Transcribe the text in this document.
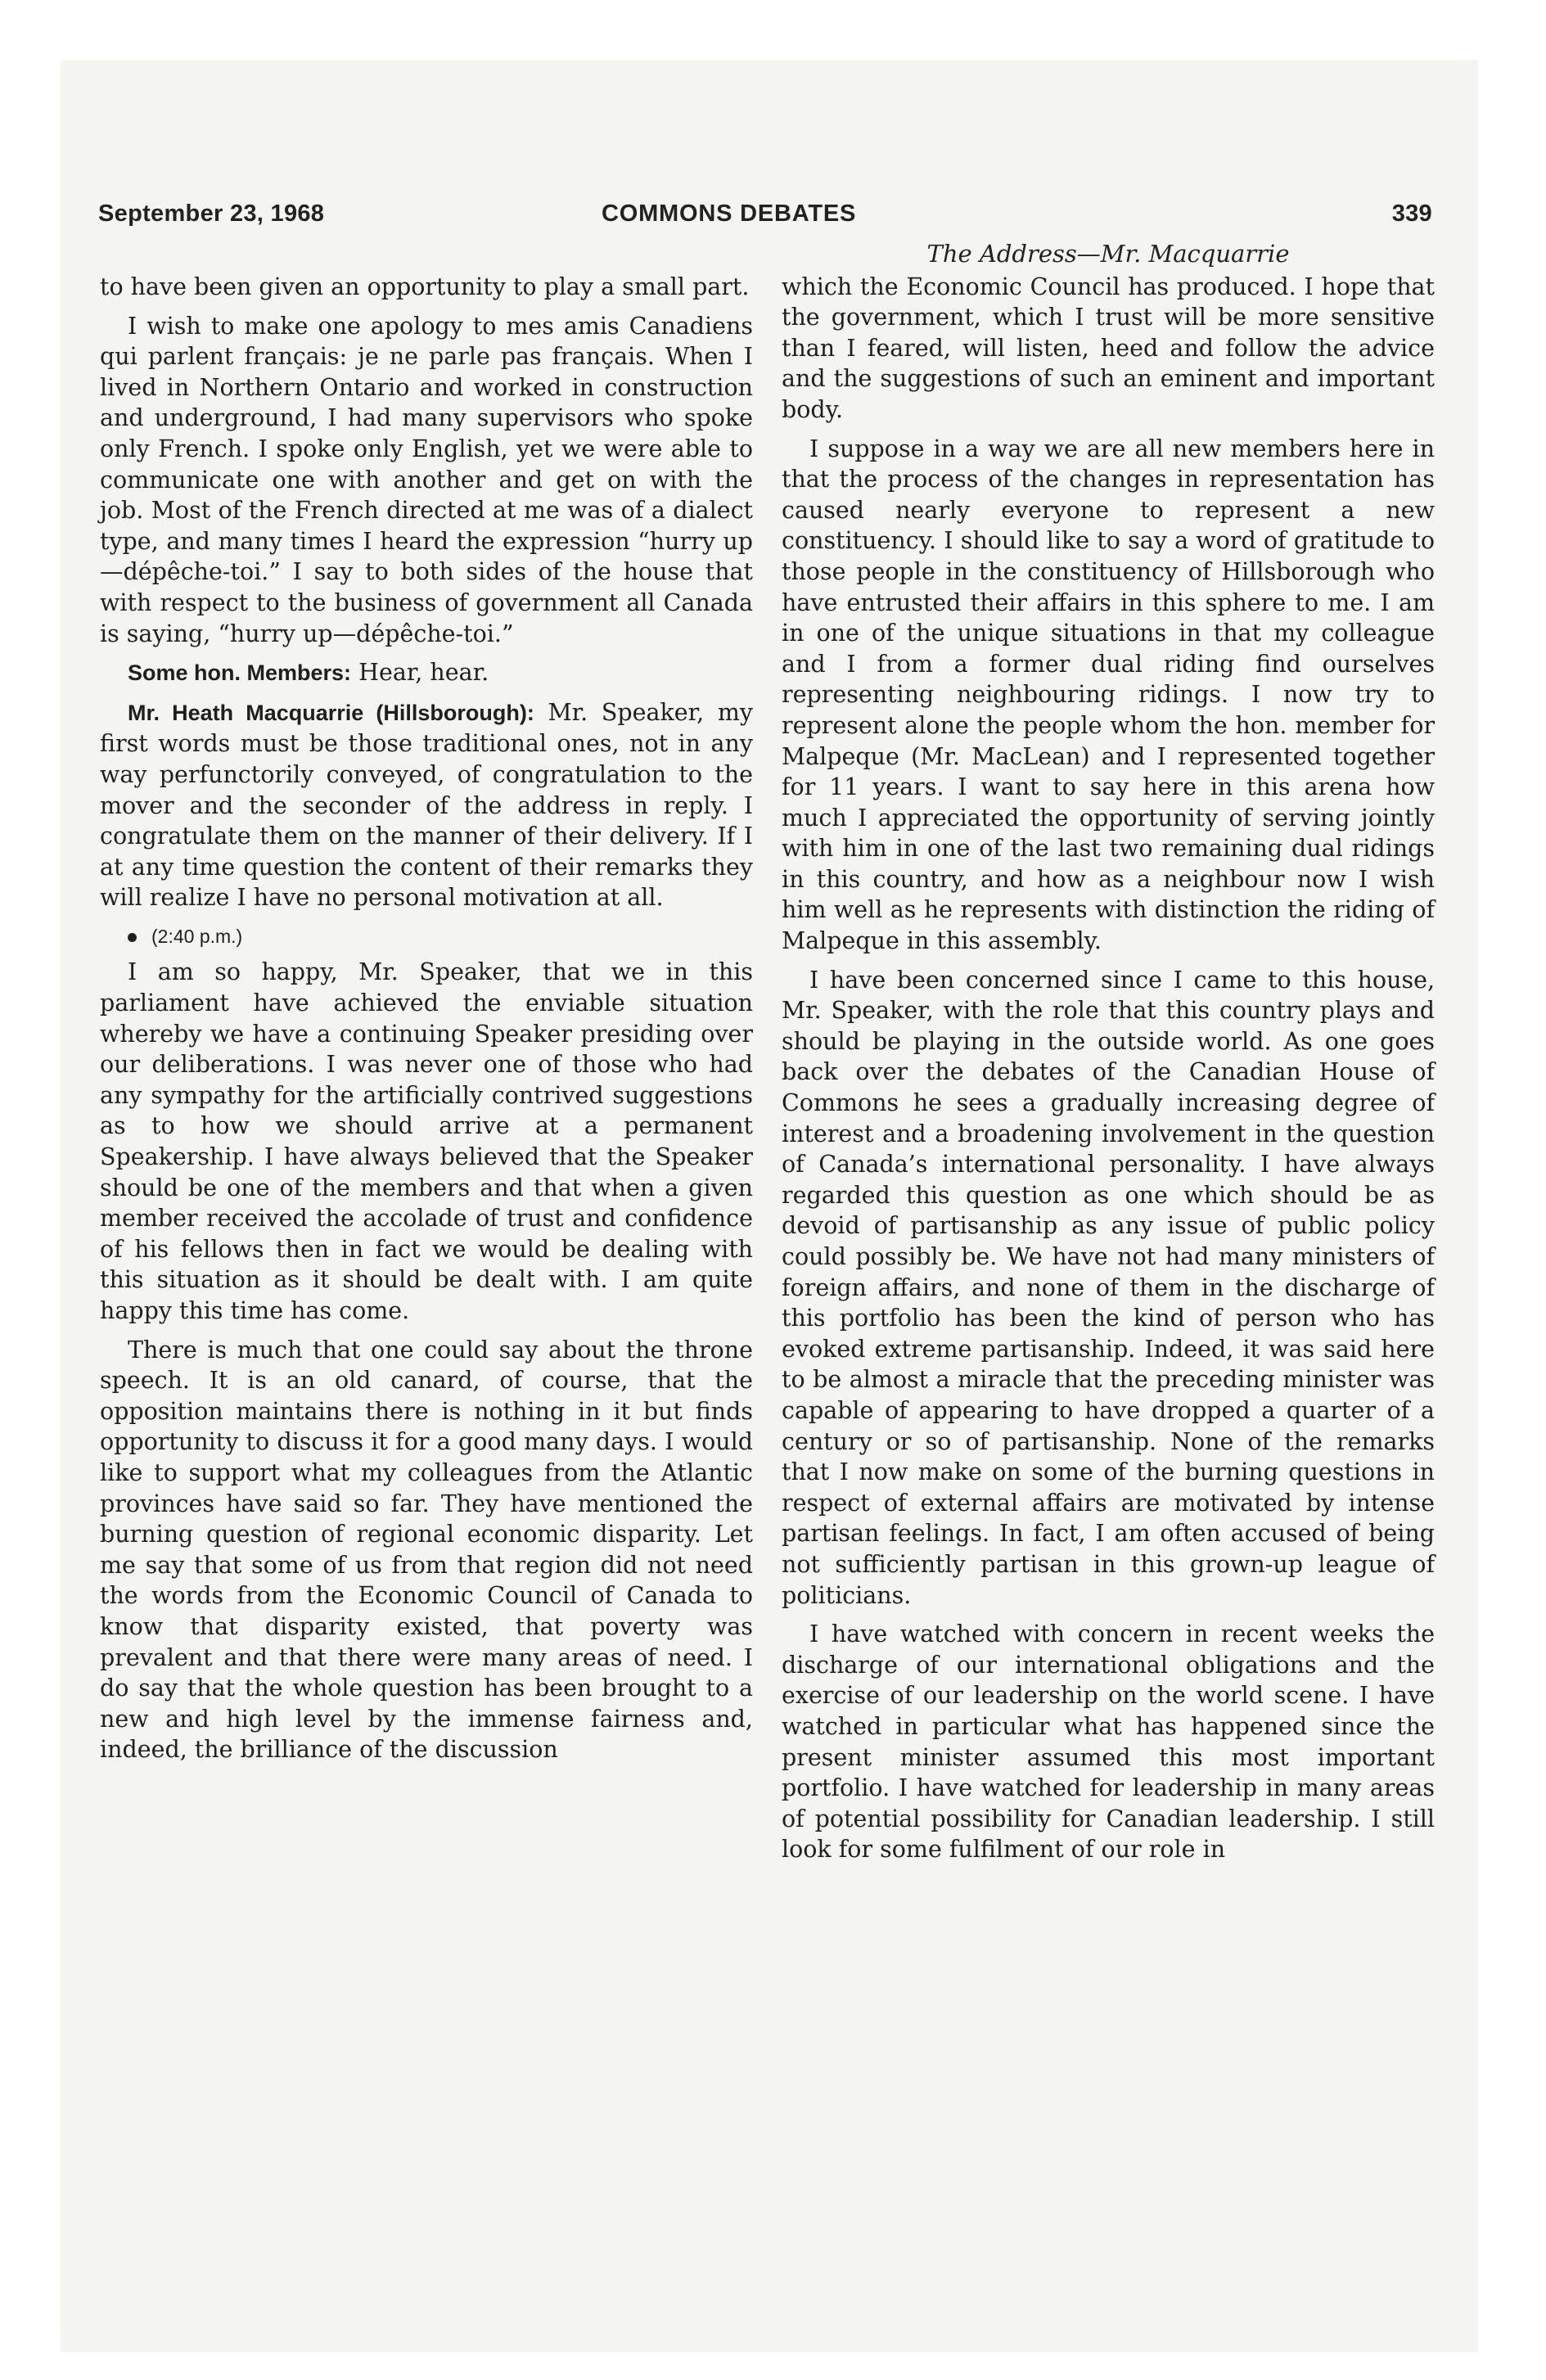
September 23, 1968	COMMONS DEBATES	339

to have been given an opportunity to play a small part.

I wish to make one apology to mes amis Canadiens qui parlent français: je ne parle pas français. When I lived in Northern Ontario and worked in construction and underground, I had many supervisors who spoke only French. I spoke only English, yet we were able to communicate one with another and get on with the job. Most of the French directed at me was of a dialect type, and many times I heard the expression “hurry up—dépêche-toi.” I say to both sides of the house that with respect to the business of government all Canada is saying, “hurry up—dépêche-toi.”

Some hon. Members: Hear, hear.

Mr. Heath Macquarrie (Hillsborough): Mr. Speaker, my first words must be those traditional ones, not in any way perfunctorily conveyed, of congratulation to the mover and the seconder of the address in reply. I congratulate them on the manner of their delivery. If I at any time question the content of their remarks they will realize I have no personal motivation at all.

(2:40 p.m.)

I am so happy, Mr. Speaker, that we in this parliament have achieved the enviable situation whereby we have a continuing Speaker presiding over our deliberations. I was never one of those who had any sympathy for the artificially contrived suggestions as to how we should arrive at a permanent Speakership. I have always believed that the Speaker should be one of the members and that when a given member received the accolade of trust and confidence of his fellows then in fact we would be dealing with this situation as it should be dealt with. I am quite happy this time has come.

There is much that one could say about the throne speech. It is an old canard, of course, that the opposition maintains there is nothing in it but finds opportunity to discuss it for a good many days. I would like to support what my colleagues from the Atlantic provinces have said so far. They have mentioned the burning question of regional economic disparity. Let me say that some of us from that region did not need the words from the Economic Council of Canada to know that disparity existed, that poverty was prevalent and that there were many areas of need. I do say that the whole question has been brought to a new and high level by the immense fairness and, indeed, the brilliance of the discussion

The Address—Mr. Macquarrie

which the Economic Council has produced. I hope that the government, which I trust will be more sensitive than I feared, will listen, heed and follow the advice and the suggestions of such an eminent and important body.

I suppose in a way we are all new members here in that the process of the changes in representation has caused nearly everyone to represent a new constituency. I should like to say a word of gratitude to those people in the constituency of Hillsborough who have entrusted their affairs in this sphere to me. I am in one of the unique situations in that my colleague and I from a former dual riding find ourselves representing neighbouring ridings. I now try to represent alone the people whom the hon. member for Malpeque (Mr. MacLean) and I represented together for 11 years. I want to say here in this arena how much I appreciated the opportunity of serving jointly with him in one of the last two remaining dual ridings in this country, and how as a neighbour now I wish him well as he represents with distinction the riding of Malpeque in this assembly.

I have been concerned since I came to this house, Mr. Speaker, with the role that this country plays and should be playing in the outside world. As one goes back over the debates of the Canadian House of Commons he sees a gradually increasing degree of interest and a broadening involvement in the question of Canada’s international personality. I have always regarded this question as one which should be as devoid of partisanship as any issue of public policy could possibly be. We have not had many ministers of foreign affairs, and none of them in the discharge of this portfolio has been the kind of person who has evoked extreme partisanship. Indeed, it was said here to be almost a miracle that the preceding minister was capable of appearing to have dropped a quarter of a century or so of partisanship. None of the remarks that I now make on some of the burning questions in respect of external affairs are motivated by intense partisan feelings. In fact, I am often accused of being not sufficiently partisan in this grown-up league of politicians.

I have watched with concern in recent weeks the discharge of our international obligations and the exercise of our leadership on the world scene. I have watched in particular what has happened since the present minister assumed this most important portfolio. I have watched for leadership in many areas of potential possibility for Canadian leadership. I still look for some fulfilment of our role in
